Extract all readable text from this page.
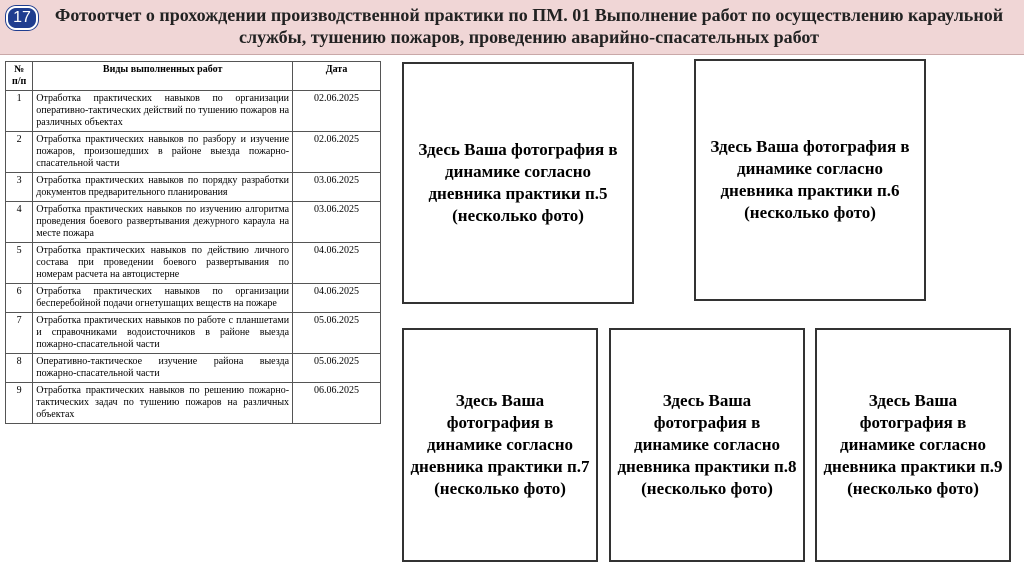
17	Фотоотчет о прохождении производственной практики по ПМ. 01 Выполнение работ по осуществлению караульной службы, тушению пожаров, проведению аварийно-спасательных работ
№ п/п	Виды выполненных работ	Дата
1	Отработка практических навыков по организации оперативно-тактических действий по тушению пожаров на различных объектах	02.06.2025
2	Отработка практических навыков по разбору и изучение пожаров, произошедших в районе выезда пожарно-спасательной части	02.06.2025
3	Отработка практических навыков по порядку разработки документов предварительного планирования	03.06.2025
4	Отработка практических навыков по изучению алгоритма проведения боевого развертывания дежурного караула на месте пожара	03.06.2025
5	Отработка практических навыков по действию личного состава при проведении боевого развертывания по номерам расчета на автоцистерне	04.06.2025
6	Отработка практических навыков по организации бесперебойной подачи огнетушащих веществ на пожаре	04.06.2025
7	Отработка практических навыков по работе с планшетами и справочниками водоисточников в районе выезда пожарно-спасательной части	05.06.2025
8	Оперативно-тактическое изучение района выезда пожарно-спасательной части	05.06.2025
9	Отработка практических навыков по решению пожарно-тактических задач по тушению пожаров на различных объектах	06.06.2025
Здесь Ваша фотография в динамике согласно дневника практики п.5 (несколько фото)
Здесь Ваша фотография в динамике согласно дневника практики п.6 (несколько фото)
Здесь Ваша фотография в динамике согласно дневника практики п.7 (несколько фото)
Здесь Ваша фотография в динамике согласно дневника практики п.8 (несколько фото)
Здесь Ваша фотография в динамике согласно дневника практики п.9 (несколько фото)
